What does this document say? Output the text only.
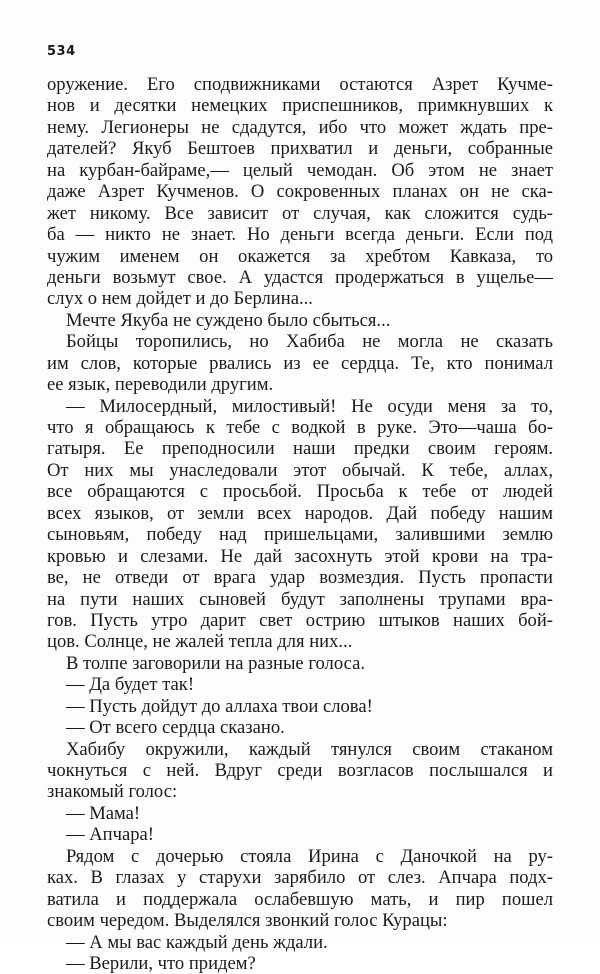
534
оружение. Его сподвижниками остаются Азрет Кучме-
нов и десятки немецких приспешников, примкнувших к
нему. Легионеры не сдадутся, ибо что может ждать пре-
дателей? Якуб Бештоев прихватил и деньги, собранные
на курбан-байраме,— целый чемодан. Об этом не знает
даже Азрет Кучменов. О сокровенных планах он не ска-
жет никому. Все зависит от случая, как сложится судь-
ба — никто не знает. Но деньги всегда деньги. Если под
чужим именем он окажется за хребтом Кавказа, то
деньги возьмут свое. А удастся продержаться в ущелье—
слух о нем дойдет и до Берлина...
Мечте Якуба не суждено было сбыться...
Бойцы торопились, но Хабиба не могла не сказать
им слов, которые рвались из ее сердца. Те, кто понимал
ее язык, переводили другим.
— Милосердный, милостивый! Не осуди меня за то,
что я обращаюсь к тебе с водкой в руке. Это—чаша бо-
гатыря. Ее преподносили наши предки своим героям.
От них мы унаследовали этот обычай. К тебе, аллах,
все обращаются с просьбой. Просьба к тебе от людей
всех языков, от земли всех народов. Дай победу нашим
сыновьям, победу над пришельцами, залившими землю
кровью и слезами. Не дай засохнуть этой крови на тра-
ве, не отведи от врага удар возмездия. Пусть пропасти
на пути наших сыновей будут заполнены трупами вра-
гов. Пусть утро дарит свет острию штыков наших бой-
цов. Солнце, не жалей тепла для них...
В толпе заговорили на разные голоса.
— Да будет так!
— Пусть дойдут до аллаха твои слова!
— От всего сердца сказано.
Хабибу окружили, каждый тянулся своим стаканом
чокнуться с ней. Вдруг среди возгласов послышался и
знакомый голос:
— Мама!
— Апчара!
Рядом с дочерью стояла Ирина с Даночкой на ру-
ках. В глазах у старухи зарябило от слез. Апчара подх-
ватила и поддержала ослабевшую мать, и пир пошел
своим чередом. Выделялся звонкий голос Курацы:
— А мы вас каждый день ждали.
— Верили, что придем?
